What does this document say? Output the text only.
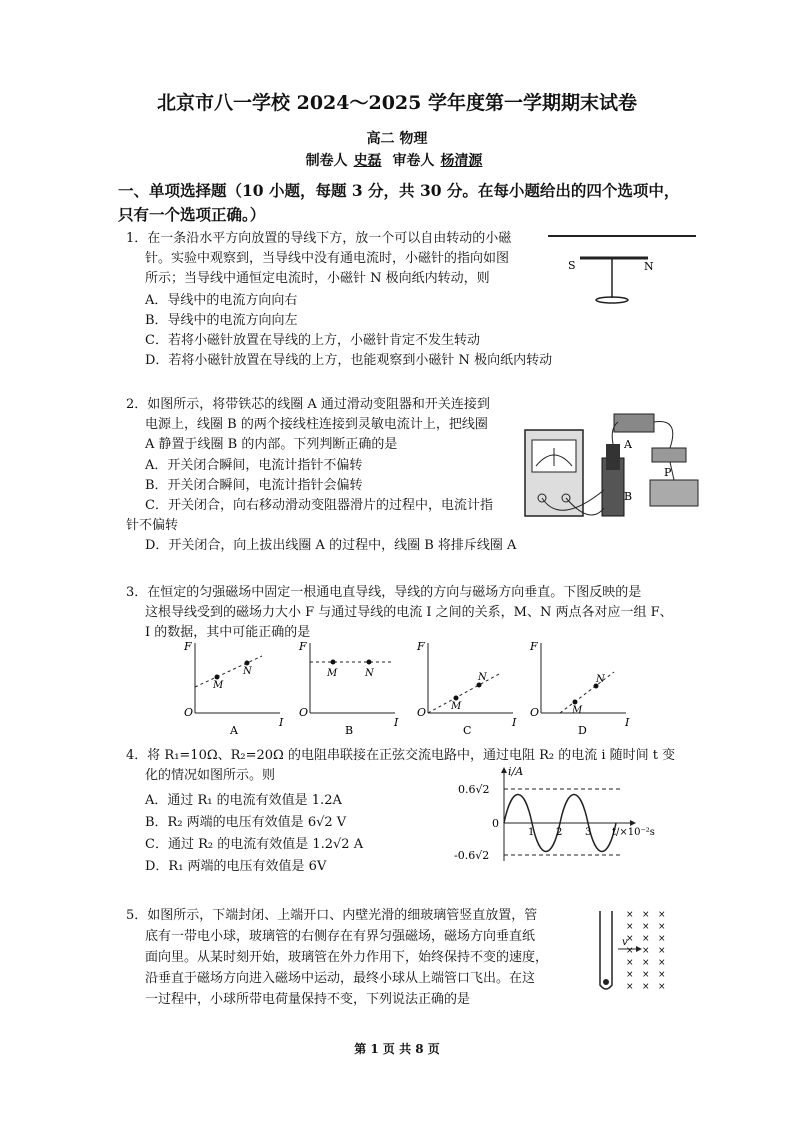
北京市八一学校 2024～2025 学年度第一学期期末试卷
高二 物理
制卷人 史磊 审卷人 杨清源
一、单项选择题（10 小题，每题 3 分，共 30 分。在每小题给出的四个选项中，
只有一个选项正确。）
1．在一条沿水平方向放置的导线下方，放一个可以自由转动的小磁
针。实验中观察到，当导线中没有通电流时，小磁针的指向如图
所示；当导线中通恒定电流时，小磁针 N 极向纸内转动，则
A．导线中的电流方向向右
B．导线中的电流方向向左
C．若将小磁针放置在导线的上方，小磁针肯定不发生转动
D．若将小磁针放置在导线的上方，也能观察到小磁针 N 极向纸内转动
S	N
2．如图所示，将带铁芯的线圈 A 通过滑动变阻器和开关连接到
电源上，线圈 B 的两个接线柱连接到灵敏电流计上，把线圈
A 静置于线圈 B 的内部。下列判断正确的是
A．开关闭合瞬间，电流计指针不偏转
B．开关闭合瞬间，电流计指针会偏转
C．开关闭合，向右移动滑动变阻器滑片的过程中，电流计指
针不偏转
D．开关闭合，向上拔出线圈 A 的过程中，线圈 B 将排斥线圈 A
A
B
P
3．在恒定的匀强磁场中固定一根通电直导线，导线的方向与磁场方向垂直。下图反映的是
这根导线受到的磁场力大小 F 与通过导线的电流 I 之间的关系，M、N 两点各对应一组 F、
I 的数据，其中可能正确的是
F
O
I
M
N
A
F
O
I
M	N
B
F
O
I
M
N
C
F
O
I
M
N
D
4．将 R₁=10Ω、R₂=20Ω 的电阻串联接在正弦交流电路中，通过电阻 R₂ 的电流 i 随时间 t 变
化的情况如图所示。则
A．通过 R₁ 的电流有效值是 1.2A
B．R₂ 两端的电压有效值是 6√2 V
C．通过 R₂ 的电流有效值是 1.2√2 A
D．R₁ 两端的电压有效值是 6V
i/A
0.6√2
-0.6√2
0
1 2 3 t/×10⁻²s
5．如图所示，下端封闭、上端开口、内壁光滑的细玻璃管竖直放置，管
底有一带电小球，玻璃管的右侧存在有界匀强磁场，磁场方向垂直纸
面向里。从某时刻开始，玻璃管在外力作用下，始终保持不变的速度，
沿垂直于磁场方向进入磁场中运动，最终小球从上端管口飞出。在这
一过程中，小球所带电荷量保持不变，下列说法正确的是
v
× × ×
× × ×
× × ×
× × ×
× × ×
× × ×
× × ×
第 1 页 共 8 页
